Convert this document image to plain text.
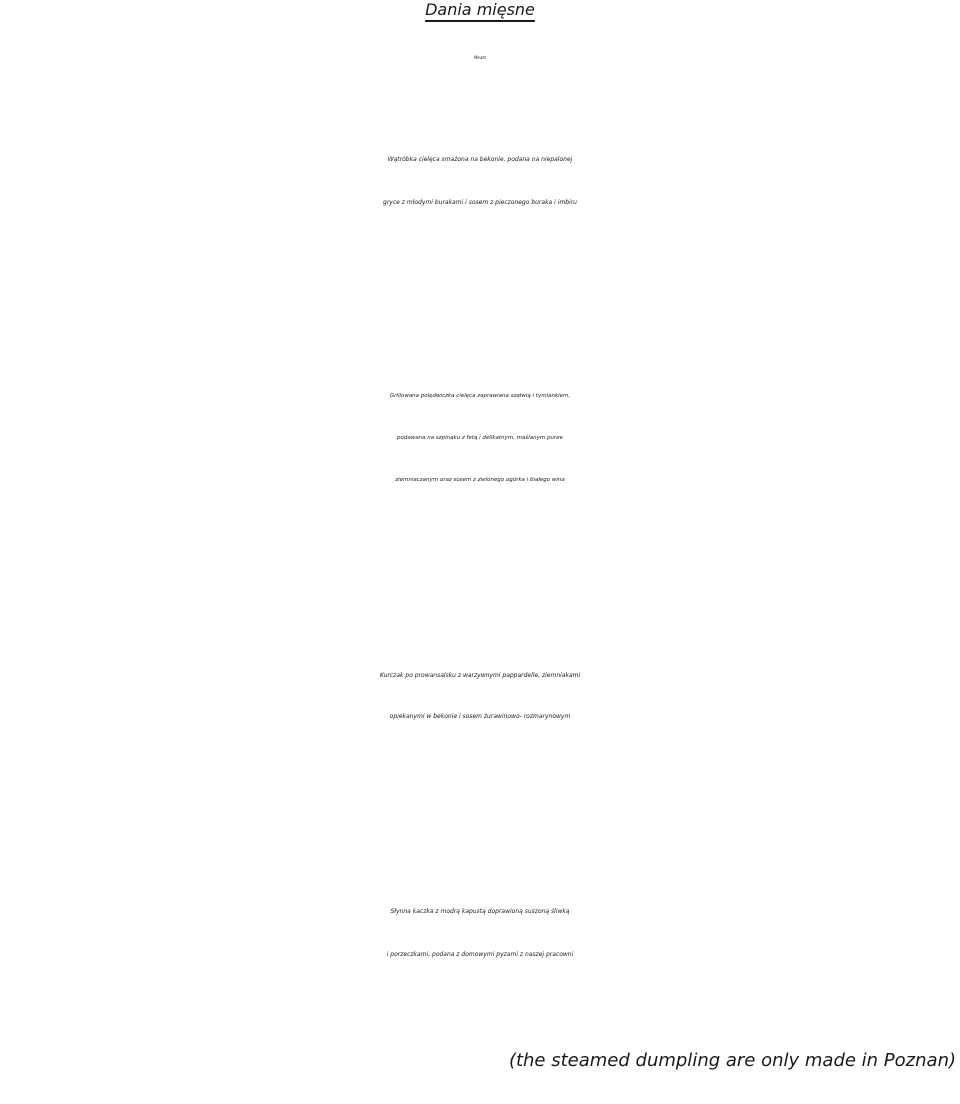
Dania mięsne
Meats
Wątróbka cielęca smażona na bekonie, podana na niepalonej
gryce z młodymi burakami i sosem z pieczonego buraka i imbiru
Grillowana polędwiczka cielęca zaprawiana szałwią i tymiankiem,
podawana na szpinaku z fetą i delikatnym, maślanym puree
ziemniaczanym oraz sosem z zielonego ogórka i białego wina
Kurczak po prowansalsku z warzywnymi pappardelle, ziemniakami
opiekanymi w bekonie i sosem żurawinowo- rozmarynowym
Słynna kaczka z modrą kapustą doprawioną suszoną śliwką
i porzeczkami, podana z domowymi pyzami z naszej pracowni
(the steamed dumpling are only made in Poznan)
